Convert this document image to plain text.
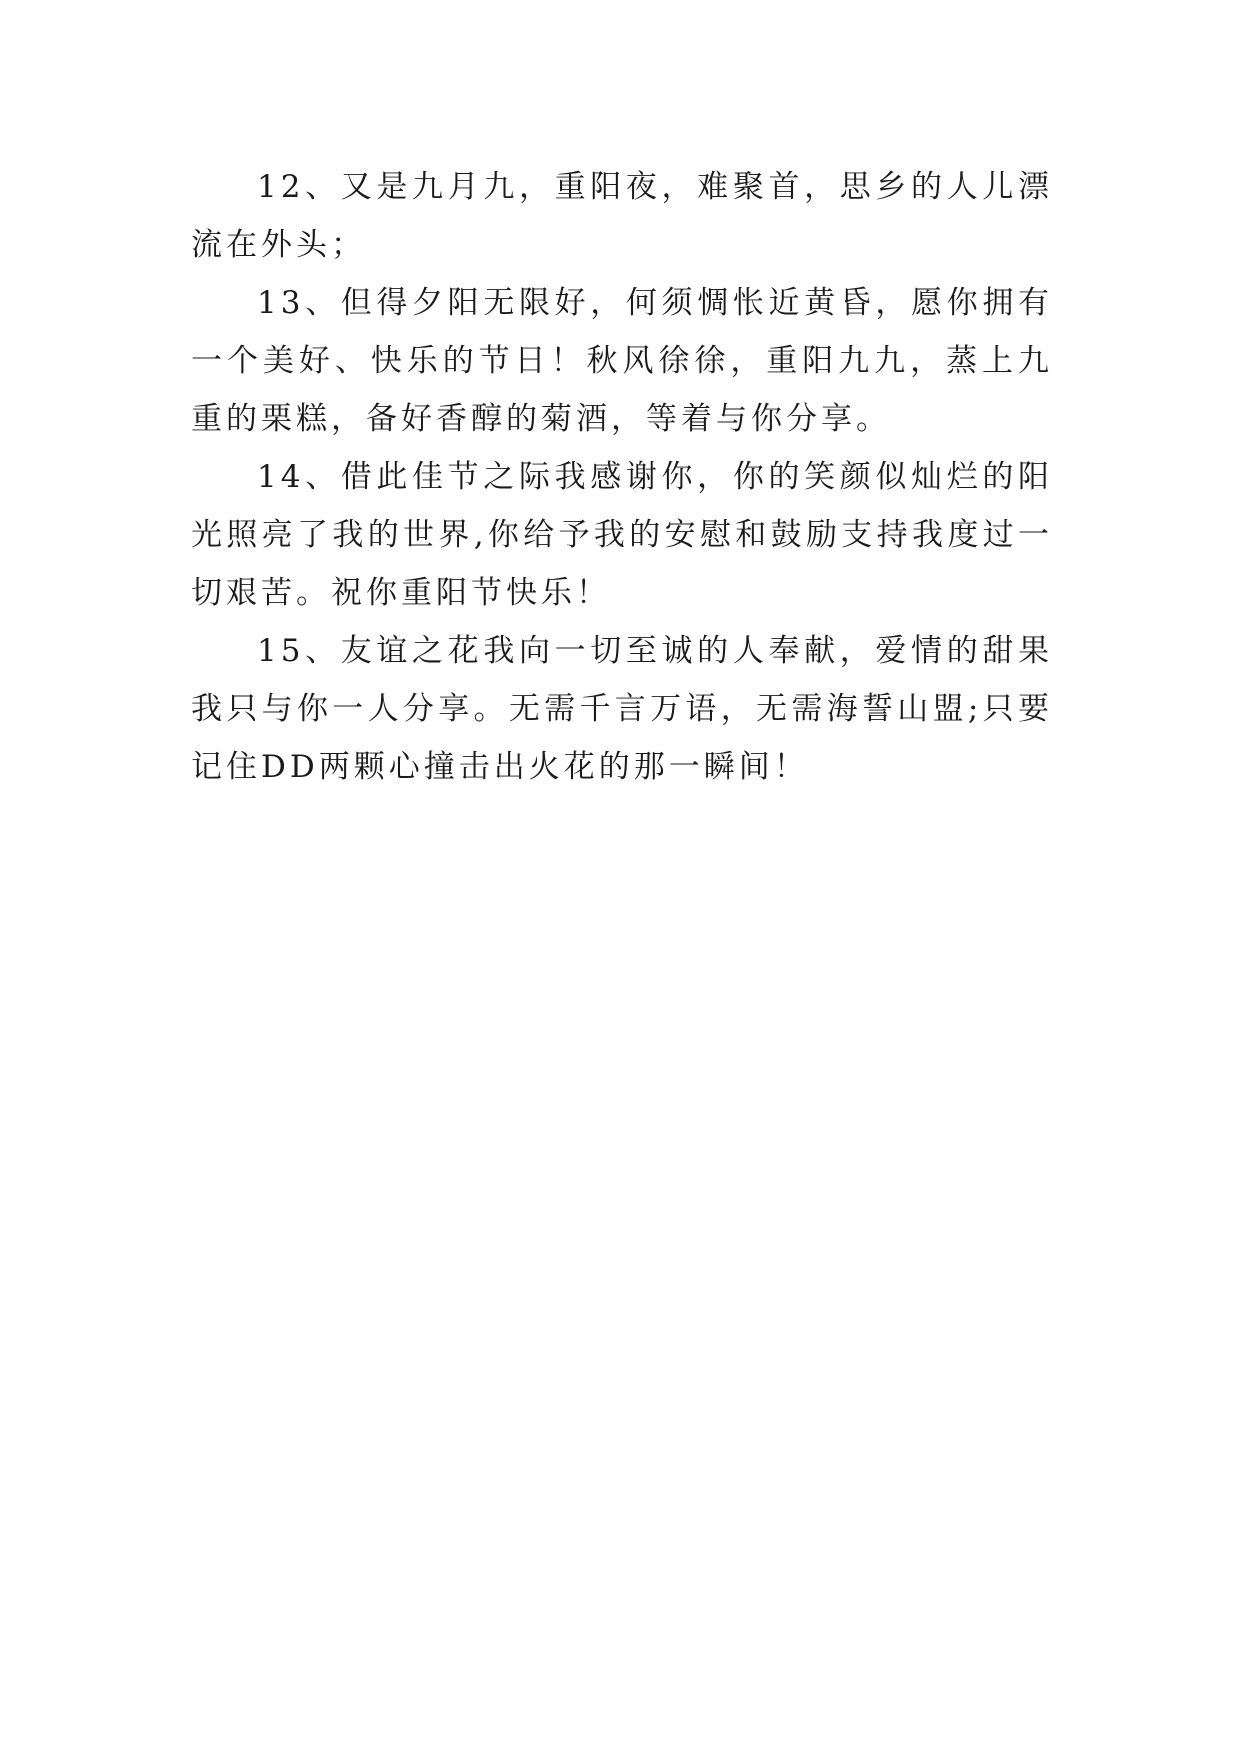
12、又是九月九，重阳夜，难聚首，思乡的人儿漂流在外头；

13、但得夕阳无限好，何须惆怅近黄昏，愿你拥有一个美好、快乐的节日！秋风徐徐，重阳九九，蒸上九重的栗糕，备好香醇的菊酒，等着与你分享。

14、借此佳节之际我感谢你，你的笑颜似灿烂的阳光照亮了我的世界,你给予我的安慰和鼓励支持我度过一切艰苦。祝你重阳节快乐！

15、友谊之花我向一切至诚的人奉献，爱情的甜果我只与你一人分享。无需千言万语，无需海誓山盟;只要记住DD两颗心撞击出火花的那一瞬间！
